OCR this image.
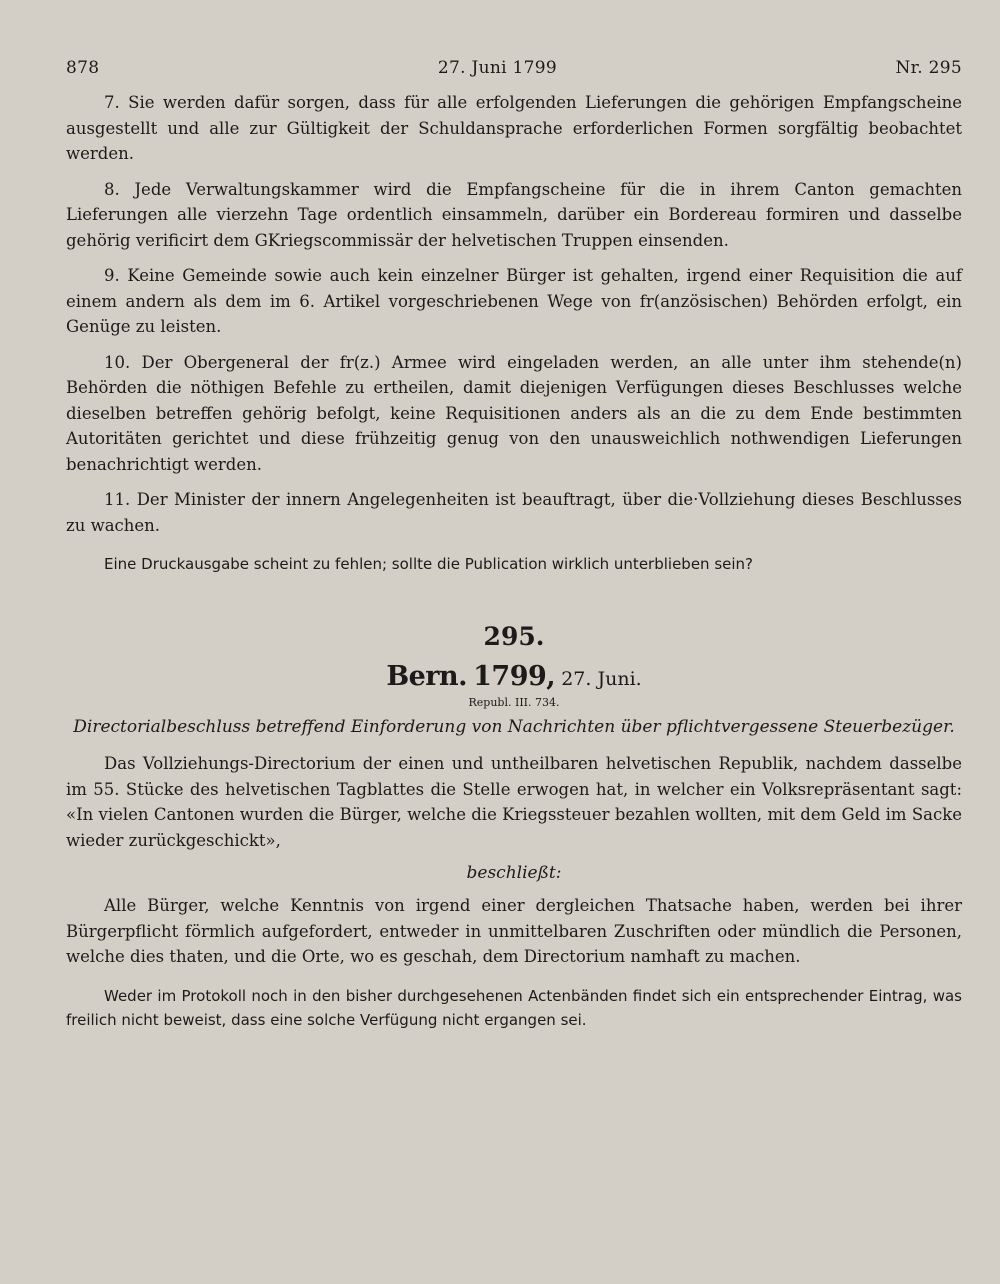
878	27. Juni 1799	Nr. 295

7. Sie werden dafür sorgen, dass für alle erfolgenden Lieferungen die gehörigen Empfangscheine ausgestellt und alle zur Gültigkeit der Schuldansprache erforderlichen Formen sorgfältig beobachtet werden.

8. Jede Verwaltungskammer wird die Empfangscheine für die in ihrem Canton gemachten Lieferungen alle vierzehn Tage ordentlich einsammeln, darüber ein Bordereau formiren und dasselbe gehörig verificirt dem GKriegscommissär der helvetischen Truppen einsenden.

9. Keine Gemeinde sowie auch kein einzelner Bürger ist gehalten, irgend einer Requisition die auf einem andern als dem im 6. Artikel vorgeschriebenen Wege von fr(anzösischen) Behörden erfolgt, ein Genüge zu leisten.

10. Der Obergeneral der fr(z.) Armee wird eingeladen werden, an alle unter ihm stehende(n) Behörden die nöthigen Befehle zu ertheilen, damit diejenigen Verfügungen dieses Beschlusses welche dieselben betreffen gehörig befolgt, keine Requisitionen anders als an die zu dem Ende bestimmten Autoritäten gerichtet und diese frühzeitig genug von den unausweichlich nothwendigen Lieferungen benachrichtigt werden.

11. Der Minister der innern Angelegenheiten ist beauftragt, über die·Vollziehung dieses Beschlusses zu wachen.

Eine Druckausgabe scheint zu fehlen; sollte die Publication wirklich unterblieben sein?

295.
Bern. 1799, 27. Juni.
Republ. III. 734.
Directorialbeschluss betreffend Einforderung von Nachrichten über pflichtvergessene Steuerbezüger.

Das Vollziehungs-Directorium der einen und untheilbaren helvetischen Republik, nachdem dasselbe im 55. Stücke des helvetischen Tagblattes die Stelle erwogen hat, in welcher ein Volksrepräsentant sagt: «In vielen Cantonen wurden die Bürger, welche die Kriegssteuer bezahlen wollten, mit dem Geld im Sacke wieder zurückgeschickt»,

beschließt:

Alle Bürger, welche Kenntnis von irgend einer dergleichen Thatsache haben, werden bei ihrer Bürgerpflicht förmlich aufgefordert, entweder in unmittelbaren Zuschriften oder mündlich die Personen, welche dies thaten, und die Orte, wo es geschah, dem Directorium namhaft zu machen.

Weder im Protokoll noch in den bisher durchgesehenen Actenbänden findet sich ein entsprechender Eintrag, was freilich nicht beweist, dass eine solche Verfügung nicht ergangen sei.
